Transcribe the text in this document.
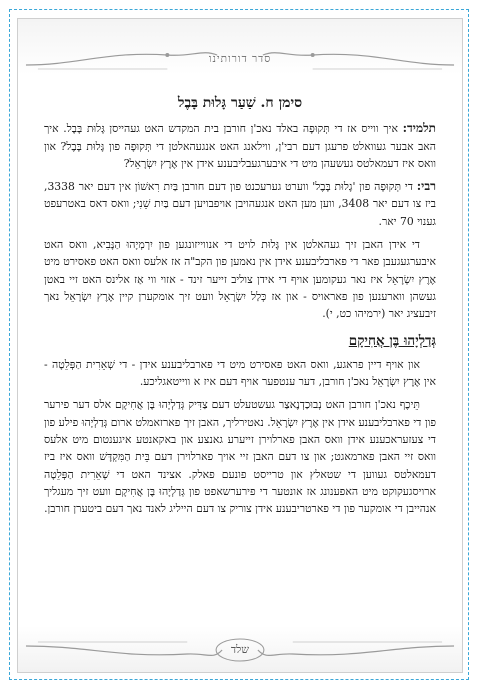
סדר דורותינו
סימן ח. שַׁעַר גָּלוּת בָּבֶל

תלמיד: איך ווייס אז די תְּקוּפָה באלד נאכ'ן חורבן בית המקדש האט געהייסן גָּלוּת בָּבֶל. איך האב אבער געוואלט פרעגן דעם רבי'ן, ווילאנג האט אנגעהאלטן די תְּקוּפָה פון גָּלוּת בָּבֶל? און וואס איז דעמאלטס געשעהן מיט די איבערגעבליבענע אידן אין אֶרֶץ יִשְׂרָאֵל?

רבי: די תְּקוּפָה פון 'גָלוּת בָּבֶל' ווערט גערעכנט פון דעם חורבן בַּיִת רִאשׁוֹן אין דעם יאר 3338, ביז צו דעם יאר 3408, ווען מען האט אנגעהויבן אויפבויען דעם בַּיִת שֵׁנִי; וואס דאס באטרעפט גענוי 70 יאר.

די אידן האבן זיך געהאלטן אין גָּלוּת לויט די אנווייזונגען פון יִרְמְיָהוּ הַנָּבִיא, וואס האט איבערגעגעבן פאר די פארבליבענע אידן אין נאמען פון הקב"ה אז אלעס וואס האט פאסירט מיט אֶרֶץ יִשְׂרָאֵל איז נאר געקומען אויף די אידן צוליב זייער זינד - אזוי ווי אַז אלינס האט זיי באטן געשהן ווארענען פון פאראויס - און אז כְּלַל יִשְׂרָאֵל וועט זיך אומקערן קיין אֶרֶץ יִשְׂרָאֵל נאך זיבעציג יאר (ירמיהו כט, י).

גְּדַלְיָהוּ בֶּן אֲחִיקָם

און אויף דיין פראגע, וואס האט פאסירט מיט די פארבליבענע אידן - די שְׁאֵרִית הַפְּלֵטָה - אין אֶרֶץ יִשְׂרָאֵל נאכ'ן חורבן, דער ענטפער אויף דעם איז א ווייטאגליכע.

תֵּיכֶף נאכ'ן חורבן האט נְבוּכַדְנֶאצַר געשטעלט דעם צַדִּיק גְּדַלְיָהוּ בֶּן אֲחִיקָם אלס דער פירער פון די פארבליבענע אידן אין אֶרֶץ יִשְׂרָאֵל. נאטירליך, האבן זיך פארזאמלט ארום גְּדַלְיָהוּ פילע פון די צעזעראכענע אידן וואס האבן פארלוירן זייערע גאנצע און באקאנטע איגענטום מיט אלעס וואס זיי האבן פארמאגט; און צו דעם האבן זיי אויך פארלוירן דעם בֵּית הַמִּקְדָּשׁ וואס איז ביז דעמאלטס געווען די שטאלץ און טרייסט פונעם פאלק. אצינד האט די שְׁאֵרִית הַפְּלֵטָה ארויסגעקוקט מיט האפענונג אז אונטער די פירערשאפט פון גְּדַלְיָהוּ בֶּן אֲחִיקָם וועט זיך מעגליך אנהייבן די אומקער פון די פארטריבענע אידן צוריק צו דעם הייליג לאנד נאך דעם ביטערן חורבן.

שלד
